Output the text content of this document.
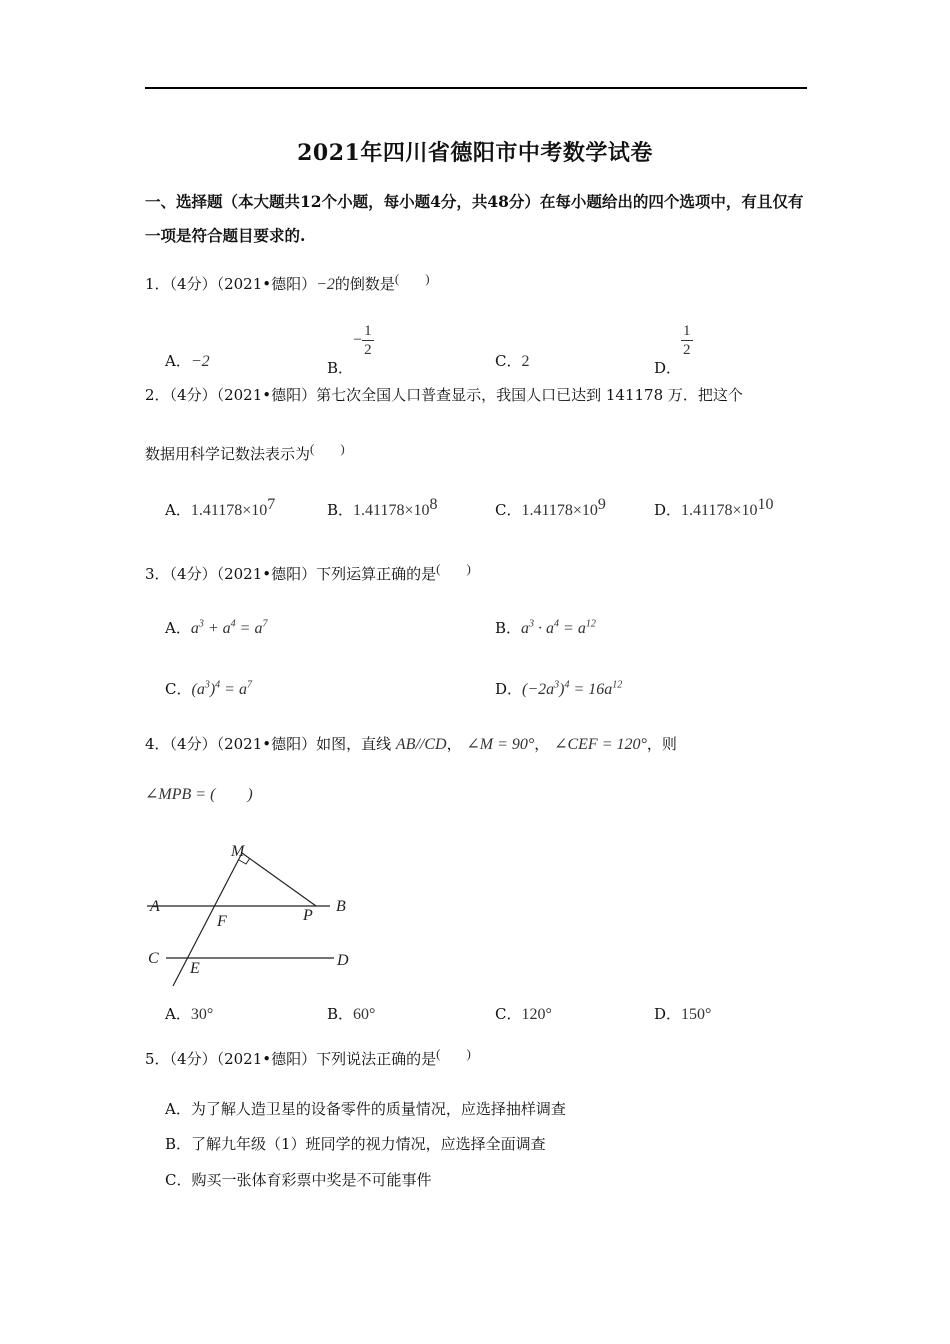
2021年四川省德阳市中考数学试卷
一、选择题（本大题共12个小题，每小题4分，共48分）在每小题给出的四个选项中，有且仅有一项是符合题目要求的.
1．（4分）（2021•德阳）−2的倒数是(　　)
A．−2	B．− $\frac{1}{2}$
C．2	D．
$\frac{1}{2}$
2．（4分）（2021•德阳）第七次全国人口普查显示，我国人口已达到 141178 万．把这个
数据用科学记数法表示为(　　)
A．$1.41178\times 10^7$	B．$1.41178\times 10^8$	C．$1.41178\times 10^9$	D．$1.41178\times 10^{10}$
3．（4分）（2021•德阳）下列运算正确的是(　　)
A．$a^3 + a^4 = a^7$	B．$a^3 \cdot a^4 = a^{12}$
C．$(a^3)^4 = a^7$	D．$(-2a^3)^4 = 16a^{12}$
4．（4分）（2021•德阳）如图，直线 AB//CD， ∠M = 90°， ∠CEF = 120°，则
∠MPB = (　　)
M
A
F	P
B
C
E	D
A．30°	B．60°	C．120°	D．150°
5．（4分）（2021•德阳）下列说法正确的是(　　)
A．为了解人造卫星的设备零件的质量情况，应选择抽样调查
B．了解九年级（1）班同学的视力情况，应选择全面调查
C．购买一张体育彩票中奖是不可能事件
